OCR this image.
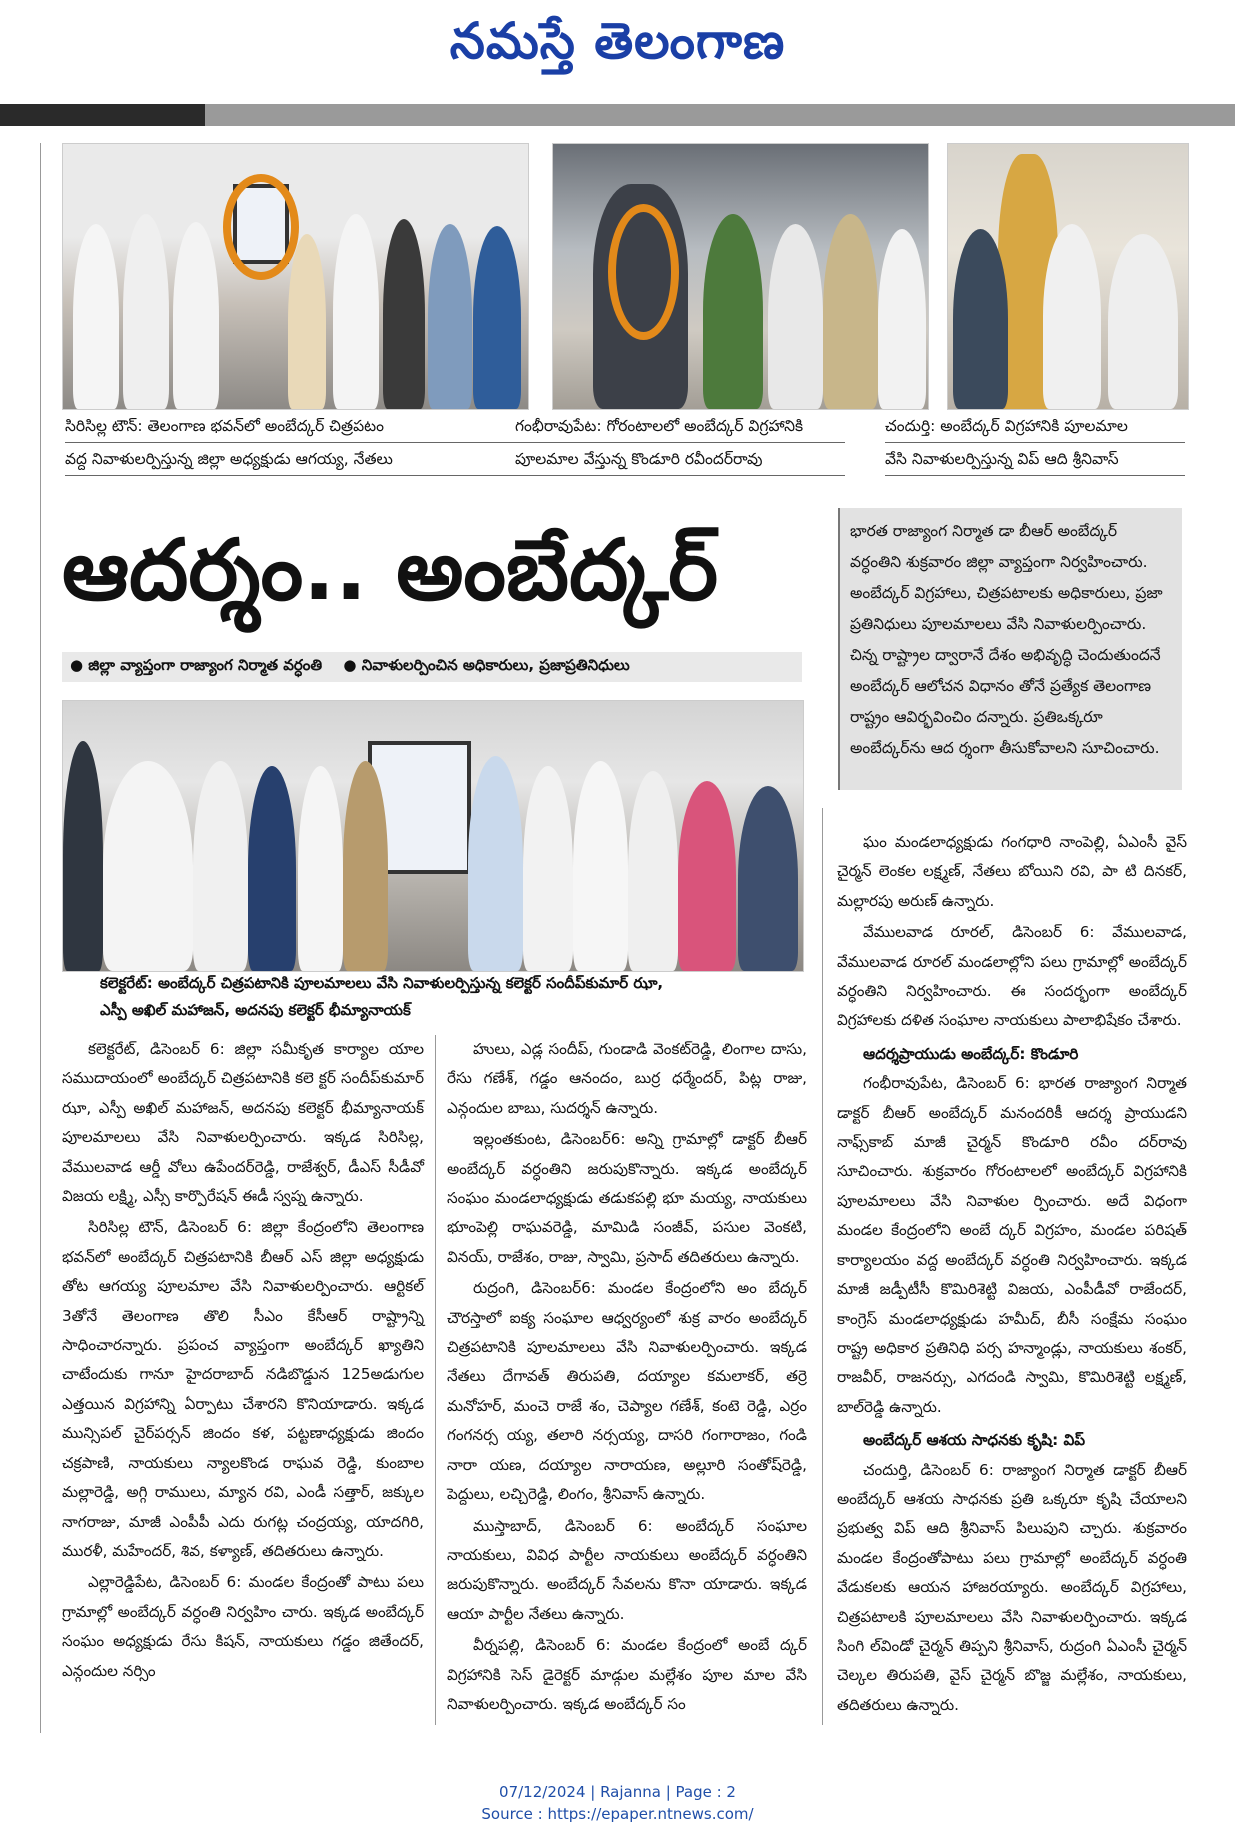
నమస్తే తెలంగాణ
సిరిసిల్ల టౌన్‌: తెలంగాణ భవన్‌లో అంబేద్కర్‌ చిత్రపటం
వద్ద నివాళులర్పిస్తున్న జిల్లా అధ్యక్షుడు ఆగయ్య, నేతలు
గంభీరావుపేట: గోరంటాలలో అంబేద్కర్‌ విగ్రహానికి
పూలమాల వేస్తున్న కొండూరి రవీందర్‌రావు
చందుర్తి: అంబేద్కర్‌ విగ్రహానికి పూలమాల
వేసి నివాళులర్పిస్తున్న విప్‌ ఆది శ్రీనివాస్‌
ఆదర్శం.. అంబేద్కర్‌
● జిల్లా వ్యాప్తంగా రాజ్యాంగ నిర్మాత వర్ధంతి ● నివాళులర్పించిన అధికారులు, ప్రజాప్రతినిధులు
భారత రాజ్యాంగ నిర్మాత డా బీఆర్‌ అంబేద్కర్‌ వర్ధంతిని శుక్రవారం జిల్లా వ్యాప్తంగా నిర్వహించారు. అంబేద్కర్‌ విగ్రహాలు, చిత్రపటాలకు అధికారులు, ప్రజా ప్రతినిధులు పూలమాలలు వేసి నివాళులర్పించారు. చిన్న రాష్ట్రాల ద్వారానే దేశం అభివృద్ధి చెందుతుందనే అంబేద్కర్‌ ఆలోచన విధానం తోనే ప్రత్యేక తెలంగాణ రాష్ట్రం ఆవిర్భవించిం దన్నారు. ప్రతిఒక్కరూ అంబేద్కర్‌ను ఆద ర్శంగా తీసుకోవాలని సూచించారు.
కలెక్టరేట్‌: అంబేద్కర్‌ చిత్రపటానికి పూలమాలలు వేసి నివాళులర్పిస్తున్న కలెక్టర్‌ సందీప్‌కుమార్‌ ఝా,
ఎస్పీ అఖిల్‌ మహాజన్‌, అదనపు కలెక్టర్‌ భీమ్యానాయక్‌

కలెక్టరేట్‌, డిసెంబర్‌ 6: జిల్లా సమీకృత కార్యాల యాల సముదాయంలో అంబేద్కర్‌ చిత్రపటానికి కలె క్టర్‌ సందీప్‌కుమార్‌ ఝా, ఎస్పీ అఖిల్‌ మహాజన్‌, అదనపు కలెక్టర్‌ భీమ్యానాయక్‌ పూలమాలలు వేసి నివాళులర్పించారు. ఇక్కడ సిరిసిల్ల, వేములవాడ ఆర్డీ వోలు ఉపేందర్‌రెడ్డి, రాజేశ్వర్‌, డీఎస్‌ సీడీవో విజయ లక్ష్మి, ఎస్సీ కార్పొరేషన్‌ ఈడీ స్వప్న ఉన్నారు.

సిరిసిల్ల టౌన్‌, డిసెంబర్‌ 6: జిల్లా కేంద్రంలోని తెలంగాణ భవన్‌లో అంబేద్కర్‌ చిత్రపటానికి బీఆర్‌ ఎస్‌ జిల్లా అధ్యక్షుడు తోట ఆగయ్య పూలమాల వేసి నివాళులర్పించారు. ఆర్టికల్‌ 3తోనే తెలంగాణ తొలి సీఎం కేసీఆర్‌ రాష్ట్రాన్ని సాధించారన్నారు. ప్రపంచ వ్యాప్తంగా అంబేద్కర్‌ ఖ్యాతిని చాటేందుకు గానూ హైదరాబాద్‌ నడిబొడ్డున 125అడుగుల ఎత్తయిన విగ్రహాన్ని ఏర్పాటు చేశారని కొనియాడారు. ఇక్కడ మున్సిపల్‌ చైర్‌పర్సన్‌ జిందం కళ, పట్టణాధ్యక్షుడు జిందం చక్రపాణి, నాయకులు న్యాలకొండ రాఘవ రెడ్డి, కుంబాల మల్లారెడ్డి, అగ్గి రాములు, మ్యాన రవి, ఎండీ సత్తార్‌, జక్కుల నాగరాజు, మాజీ ఎంపీపీ ఎదు రుగట్ల చంద్రయ్య, యాదగిరి, మురళీ, మహేందర్‌, శివ, కళ్యాణ్‌, తదితరులు ఉన్నారు.

ఎల్లారెడ్డిపేట, డిసెంబర్‌ 6: మండల కేంద్రంతో పాటు పలు గ్రామాల్లో అంబేద్కర్‌ వర్ధంతి నిర్వహిం చారు. ఇక్కడ అంబేద్కర్‌ సంఘం అధ్యక్షుడు రేసు కిషన్‌, నాయకులు గడ్డం జితేందర్‌, ఎన్గందుల నర్సిం

హులు, ఎడ్ల సందీప్‌, గుండాడి వెంకట్‌రెడ్డి, లింగాల దాసు, రేసు గణేశ్‌, గడ్డం ఆనందం, బుర్ర ధర్మేందర్‌, పిట్ల రాజు, ఎన్గందుల బాబు, సుదర్శన్‌ ఉన్నారు.

ఇల్లంతకుంట, డిసెంబర్‌6: అన్ని గ్రామాల్లో డాక్టర్‌ బీఆర్‌ అంబేద్కర్‌ వర్ధంతిని జరుపుకొన్నారు. ఇక్కడ అంబేద్కర్‌ సంఘం మండలాధ్యక్షుడు తడుకపల్లి భూ మయ్య, నాయకులు భూంపెల్లి రాఘవరెడ్డి, మామిడి సంజీవ్‌, పసుల వెంకటి, వినయ్‌, రాజేశం, రాజు, స్వామి, ప్రసాద్‌ తదితరులు ఉన్నారు.

రుద్రంగి, డిసెంబర్‌6: మండల కేంద్రంలోని అం బేద్కర్‌ చౌరస్తాలో ఐక్య సంఘాల ఆధ్వర్యంలో శుక్ర వారం అంబేద్కర్‌ చిత్రపటానికి పూలమాలలు వేసి నివాళులర్పించారు. ఇక్కడ నేతలు దేగావత్‌ తిరుపతి, దయ్యాల కమలాకర్‌, తర్రె మనోహర్‌, మంచె రాజే శం, చెప్యాల గణేశ్‌, కంటె రెడ్డి, ఎర్రం గంగనర్స య్య, తలారి నర్సయ్య, దాసరి గంగారాజం, గండి నారా యణ, దయ్యాల నారాయణ, అల్లూరి సంతోష్‌రెడ్డి, పెద్దులు, లచ్చిరెడ్డి, లింగం, శ్రీనివాస్‌ ఉన్నారు.

ముస్తాబాద్‌, డిసెంబర్‌ 6: అంబేద్కర్‌ సంఘాల నాయకులు, వివిధ పార్టీల నాయకులు అంబేద్కర్‌ వర్ధంతిని జరుపుకొన్నారు. అంబేద్కర్‌ సేవలను కొనా యాడారు. ఇక్కడ ఆయా పార్టీల నేతలు ఉన్నారు.

వీర్నపల్లి, డిసెంబర్‌ 6: మండల కేంద్రంలో అంబే ద్కర్‌ విగ్రహానికి సెస్‌ డైరెక్టర్‌ మాడ్గుల మల్లేశం పూల మాల వేసి నివాళులర్పించారు. ఇక్కడ అంబేద్కర్‌ సం

ఘం మండలాధ్యక్షుడు గంగధారి నాంపెల్లి, ఏఎంసీ వైస్‌ చైర్మన్‌ లెంకల లక్ష్మణ్‌, నేతలు బోయిని రవి, పా టి దినకర్‌, మల్లారపు అరుణ్‌ ఉన్నారు.

వేములవాడ రూరల్‌, డిసెంబర్‌ 6: వేములవాడ, వేములవాడ రూరల్‌ మండలాల్లోని పలు గ్రామాల్లో అంబేద్కర్‌ వర్ధంతిని నిర్వహించారు. ఈ సందర్భంగా అంబేద్కర్‌ విగ్రహాలకు దళిత సంఘాల నాయకులు పాలాభిషేకం చేశారు.

ఆదర్శప్రాయుడు అంబేద్కర్‌: కొండూరి

గంభీరావుపేట, డిసెంబర్‌ 6: భారత రాజ్యాంగ నిర్మాత డాక్టర్‌ బీఆర్‌ అంబేద్కర్‌ మనందరికీ ఆదర్శ ప్రాయుడని నాఫ్స్‌కాబ్‌ మాజీ చైర్మన్‌ కొండూరి రవీం దర్‌రావు సూచించారు. శుక్రవారం గోరంటాలలో అంబేద్కర్‌ విగ్రహానికి పూలమాలలు వేసి నివాళుల ర్పించారు. అదే విధంగా మండల కేంద్రంలోని అంబే ద్కర్‌ విగ్రహం, మండల పరిషత్‌ కార్యాలయం వద్ద అంబేద్కర్‌ వర్ధంతి నిర్వహించారు. ఇక్కడ మాజీ జడ్పీటీసీ కొమిరిశెట్టి విజయ, ఎంపీడీవో రాజేందర్‌, కాంగ్రెస్‌ మండలాధ్యక్షుడు హమీద్‌, బీసీ సంక్షేమ సంఘం రాష్ట్ర అధికార ప్రతినిధి పర్స హన్మాండ్లు, నాయకులు శంకర్‌, రాజవీర్‌, రాజనర్సు, ఎగదండి స్వామి, కొమిరిశెట్టి లక్ష్మణ్‌, బాల్‌రెడ్డి ఉన్నారు.

అంబేద్కర్‌ ఆశయ సాధనకు కృషి: విప్‌

చందుర్తి, డిసెంబర్‌ 6: రాజ్యాంగ నిర్మాత డాక్టర్‌ బీఆర్‌ అంబేద్కర్‌ ఆశయ సాధనకు ప్రతి ఒక్కరూ కృషి చేయాలని ప్రభుత్వ విప్‌ ఆది శ్రీనివాస్‌ పిలుపుని చ్చారు. శుక్రవారం మండల కేంద్రంతోపాటు పలు గ్రామాల్లో అంబేద్కర్‌ వర్ధంతి వేడుకలకు ఆయన హాజరయ్యారు. అంబేద్కర్‌ విగ్రహాలు, చిత్రపటాలకి పూలమాలలు వేసి నివాళులర్పించారు. ఇక్కడ సింగి ల్‌విండో చైర్మన్‌ తిప్పని శ్రీనివాస్‌, రుద్రంగి ఏఎంసీ చైర్మన్‌ చెల్కల తిరుపతి, వైస్‌ చైర్మన్‌ బొజ్జ మల్లేశం, నాయకులు, తదితరులు ఉన్నారు.

07/12/2024 | Rajanna | Page : 2
Source : https://epaper.ntnews.com/
